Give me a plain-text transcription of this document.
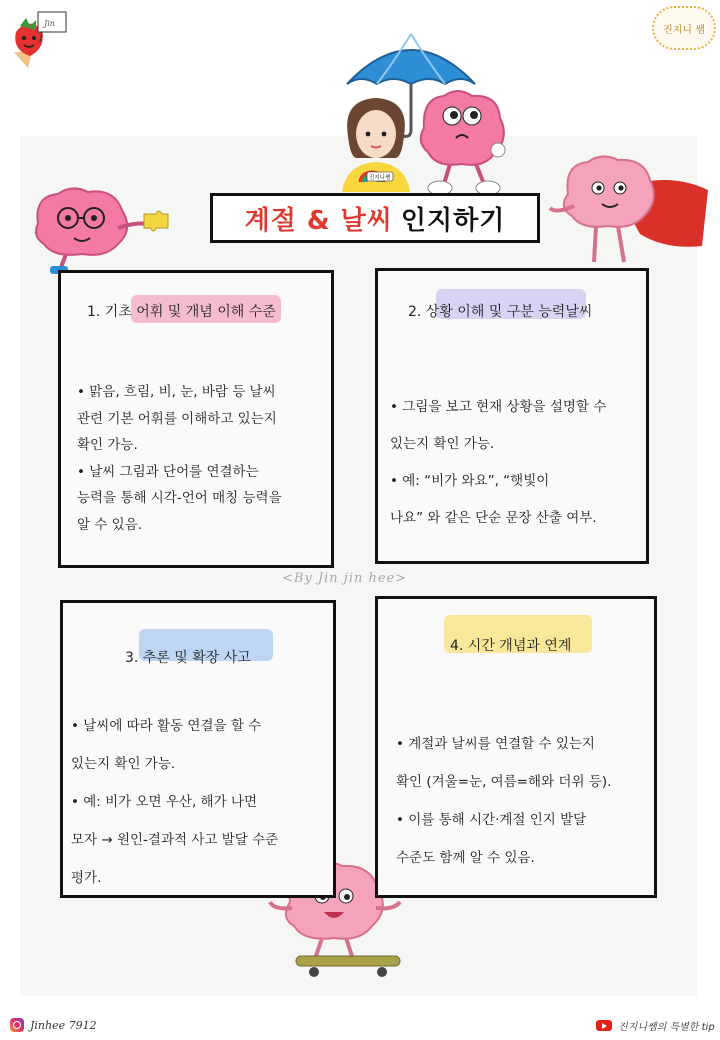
Jin
진지니 쌤
진지니쌤
계절 & 날씨 인지하기
1. 기초 어휘 및 개념 이해 수준

• 맑음, 흐림, 비, 눈, 바람 등 날씨

관련 기본 어휘를 이해하고 있는지

확인 가능.

• 날씨 그림과 단어를 연결하는

능력을 통해 시각-언어 매칭 능력을

알 수 있음.

2. 상황 이해 및 구분 능력날씨

• 그림을 보고 현재 상황을 설명할 수

있는지 확인 가능.

• 예: “비가 와요”, “햇빛이

나요” 와 같은 단순 문장 산출 여부.

3. 추론 및 확장 사고

• 날씨에 따라 활동 연결을 할 수

있는지 확인 가능.

• 예: 비가 오면 우산, 해가 나면

모자 → 원인-결과적 사고 발달 수준

평가.

4. 시간 개념과 연계

• 계절과 날씨를 연결할 수 있는지

확인 (겨울=눈, 여름=해와 더위 등).

• 이를 통해 시간·계절 인지 발달

수준도 함께 알 수 있음.

<By Jin jin hee>
Jinhee 7912	진지니쌤의 특별한 tip
